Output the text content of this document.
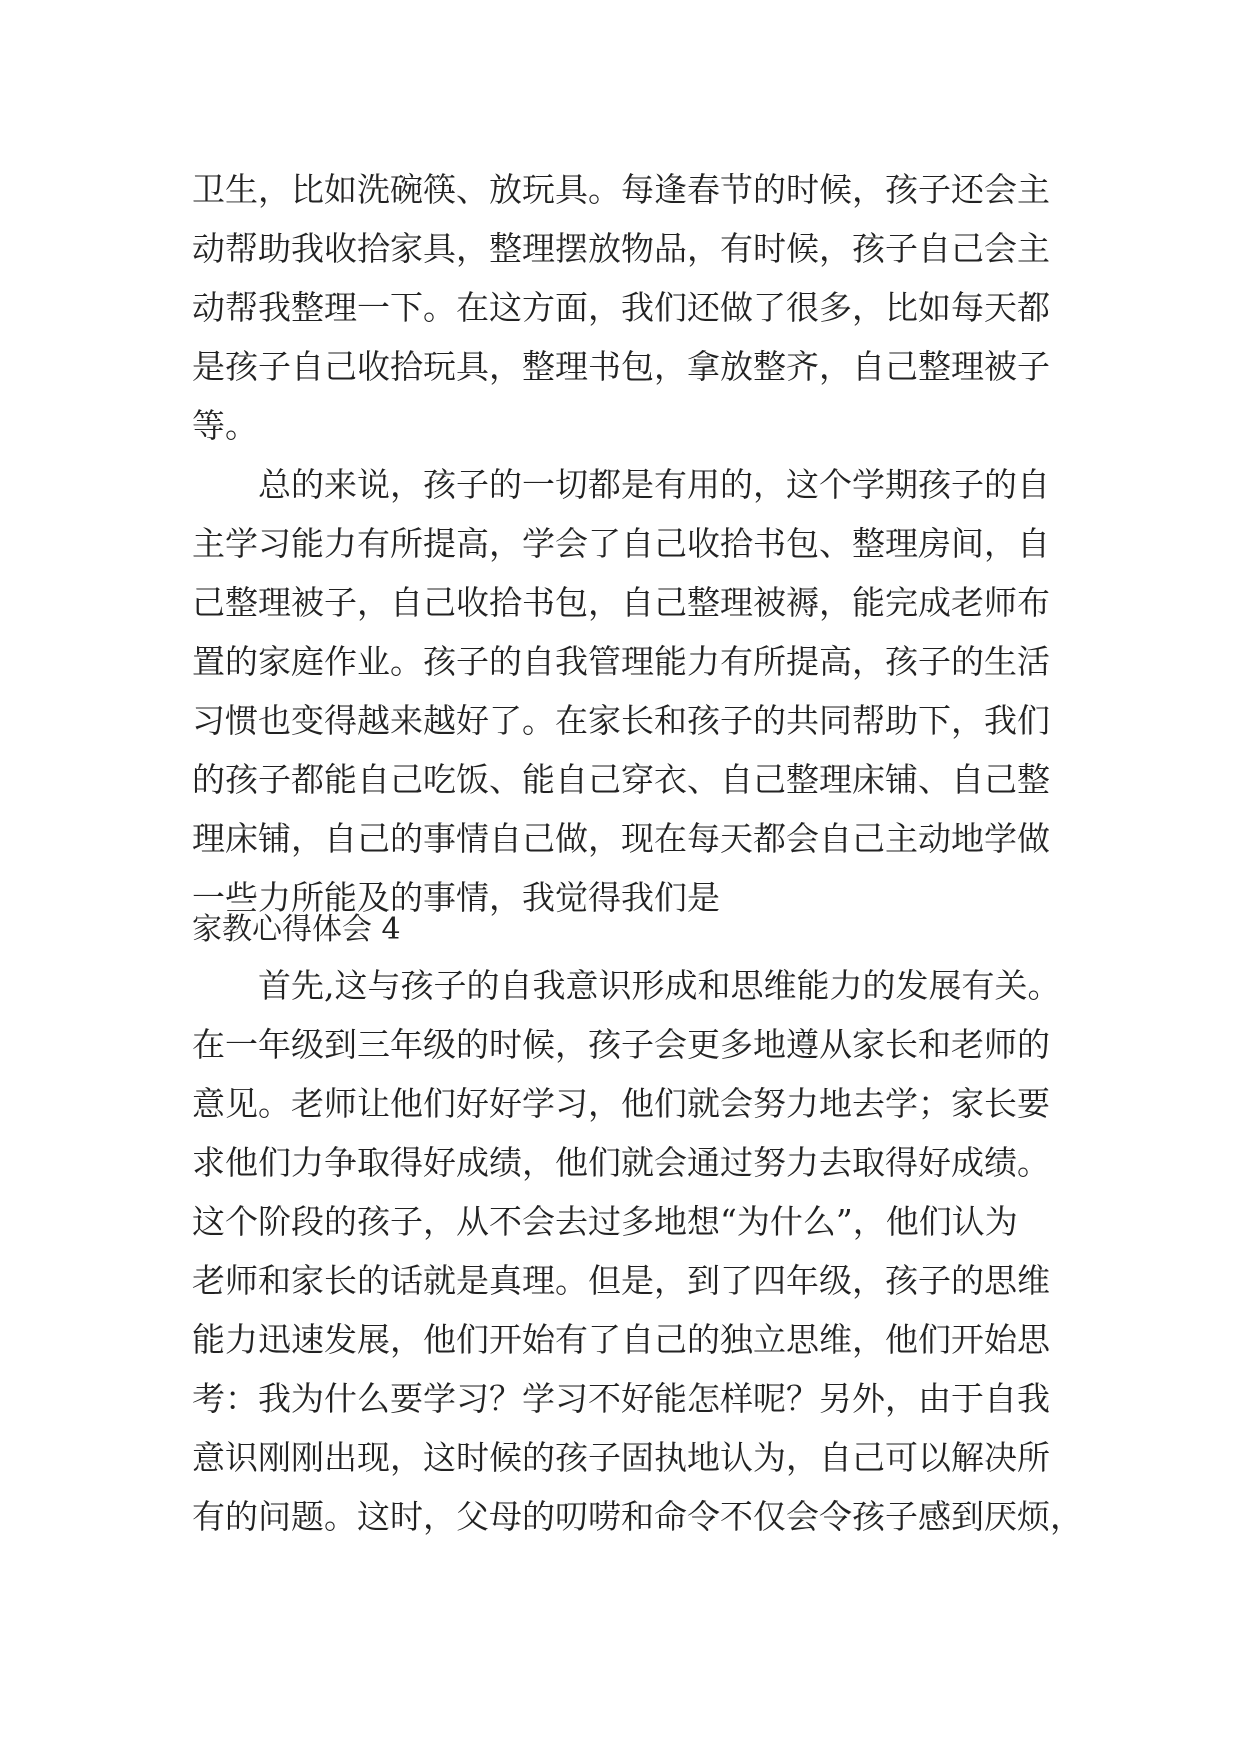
卫生，比如洗碗筷、放玩具。每逢春节的时候，孩子还会主
动帮助我收拾家具，整理摆放物品，有时候，孩子自己会主
动帮我整理一下。在这方面，我们还做了很多，比如每天都
是孩子自己收拾玩具，整理书包，拿放整齐，自己整理被子
等。
总的来说，孩子的一切都是有用的，这个学期孩子的自
主学习能力有所提高，学会了自己收拾书包、整理房间，自
己整理被子，自己收拾书包，自己整理被褥，能完成老师布
置的家庭作业。孩子的自我管理能力有所提高，孩子的生活
习惯也变得越来越好了。在家长和孩子的共同帮助下，我们
的孩子都能自己吃饭、能自己穿衣、自己整理床铺、自己整
理床铺，自己的事情自己做，现在每天都会自己主动地学做
一些力所能及的事情，我觉得我们是
家教心得体会 4
首先,这与孩子的自我意识形成和思维能力的发展有关。
在一年级到三年级的时候，孩子会更多地遵从家长和老师的
意见。老师让他们好好学习，他们就会努力地去学；家长要
求他们力争取得好成绩，他们就会通过努力去取得好成绩。
这个阶段的孩子，从不会去过多地想“为什么”，他们认为
老师和家长的话就是真理。但是，到了四年级，孩子的思维
能力迅速发展，他们开始有了自己的独立思维，他们开始思
考：我为什么要学习？学习不好能怎样呢？另外，由于自我
意识刚刚出现，这时候的孩子固执地认为，自己可以解决所
有的问题。这时，父母的叨唠和命令不仅会令孩子感到厌烦，
